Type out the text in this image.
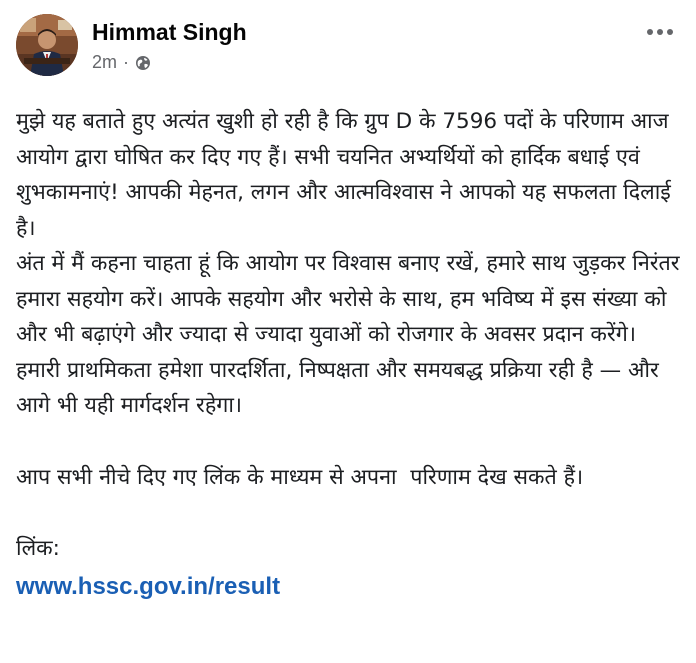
Himmat Singh
2m ·

मुझे यह बताते हुए अत्यंत खुशी हो रही है कि ग्रुप D के 7596 पदों के परिणाम आज  आयोग द्वारा घोषित कर दिए गए हैं। सभी चयनित अभ्यर्थियों को हार्दिक बधाई एवं शुभकामनाएं! आपकी मेहनत, लगन और आत्मविश्वास ने आपको यह सफलता दिलाई है।

अंत में मैं कहना चाहता हूं कि आयोग पर विश्वास बनाए रखें, हमारे साथ जुड़कर निरंतर हमारा सहयोग करें। आपके सहयोग और भरोसे के साथ, हम भविष्य में इस संख्या को और भी बढ़ाएंगे और ज्यादा से ज्यादा युवाओं को रोजगार के अवसर प्रदान करेंगे। हमारी प्राथमिकता हमेशा पारदर्शिता, निष्पक्षता और समयबद्ध प्रक्रिया रही है — और आगे भी यही मार्गदर्शन रहेगा।

आप सभी नीचे दिए गए लिंक के माध्यम से अपना  परिणाम देख सकते हैं।

लिंक:

www.hssc.gov.in/result
